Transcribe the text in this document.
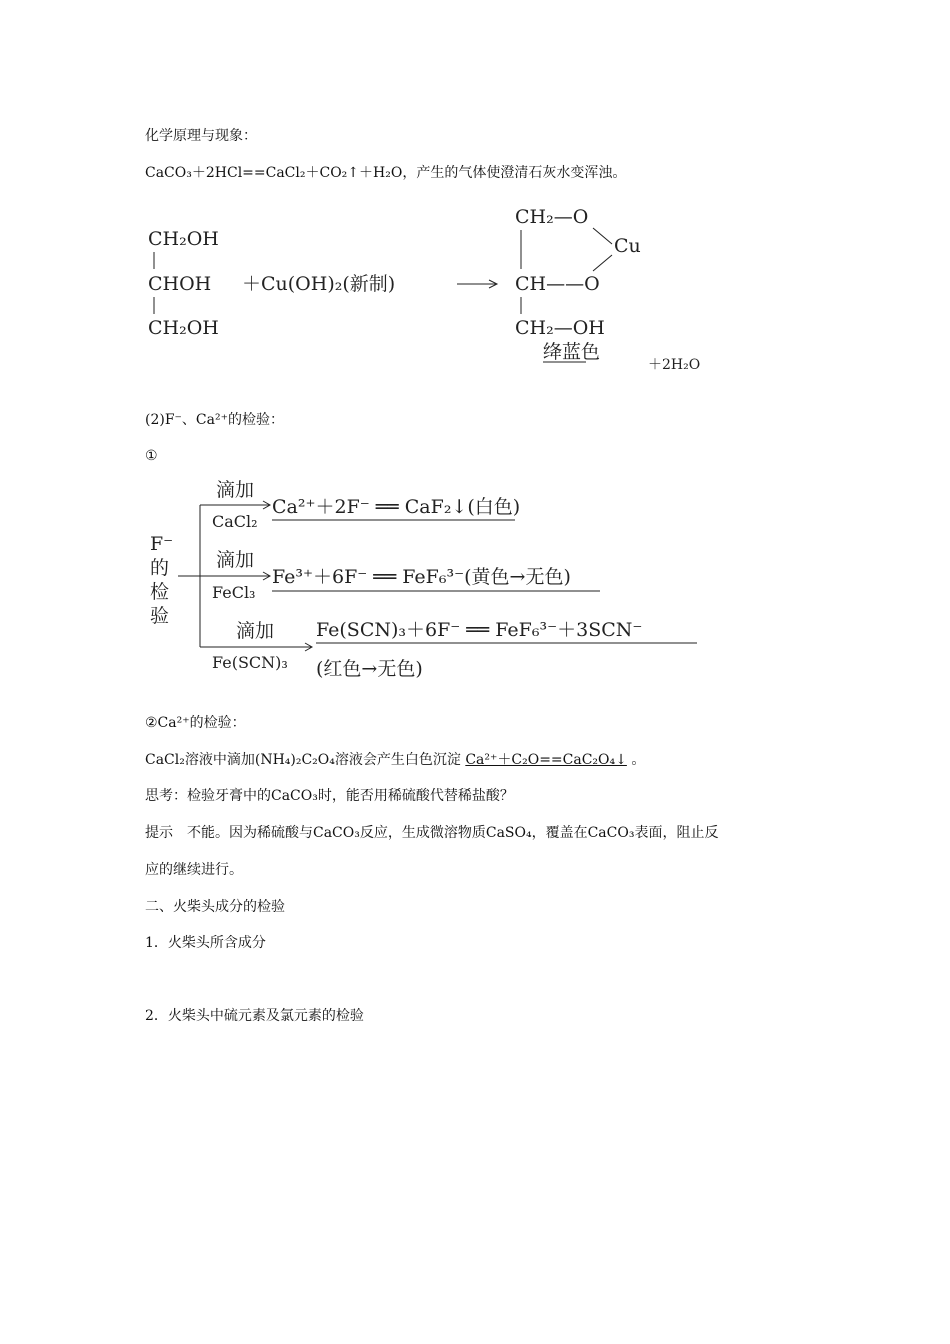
化学原理与现象：
CaCO₃＋2HCl==CaCl₂＋CO₂↑＋H₂O，产生的气体使澄清石灰水变浑浊。
CH₂OH
CHOH
CH₂OH
＋Cu(OH)₂(新制)
CH₂—O
Cu
CH——O
CH₂—OH
绛蓝色
＋2H₂O
(2)F⁻、Ca²⁺的检验：
①
F⁻
的
检
验
滴加
滴加
滴加
Ca²⁺＋2F⁻ ══ CaF₂↓(白色)
Fe³⁺＋6F⁻ ══ FeF₆³⁻(黄色→无色)
Fe(SCN)₃＋6F⁻ ══ FeF₆³⁻＋3SCN⁻
(红色→无色)
CaCl₂
FeCl₃
Fe(SCN)₃
②Ca²⁺的检验：
CaCl₂溶液中滴加(NH₄)₂C₂O₄溶液会产生白色沉淀 Ca²⁺＋C₂O==CaC₂O₄↓ 。
思考：检验牙膏中的CaCO₃时，能否用稀硫酸代替稀盐酸？
提示　不能。因为稀硫酸与CaCO₃反应，生成微溶物质CaSO₄，覆盖在CaCO₃表面，阻止反
应的继续进行。
二、火柴头成分的检验
1．火柴头所含成分
2．火柴头中硫元素及氯元素的检验
